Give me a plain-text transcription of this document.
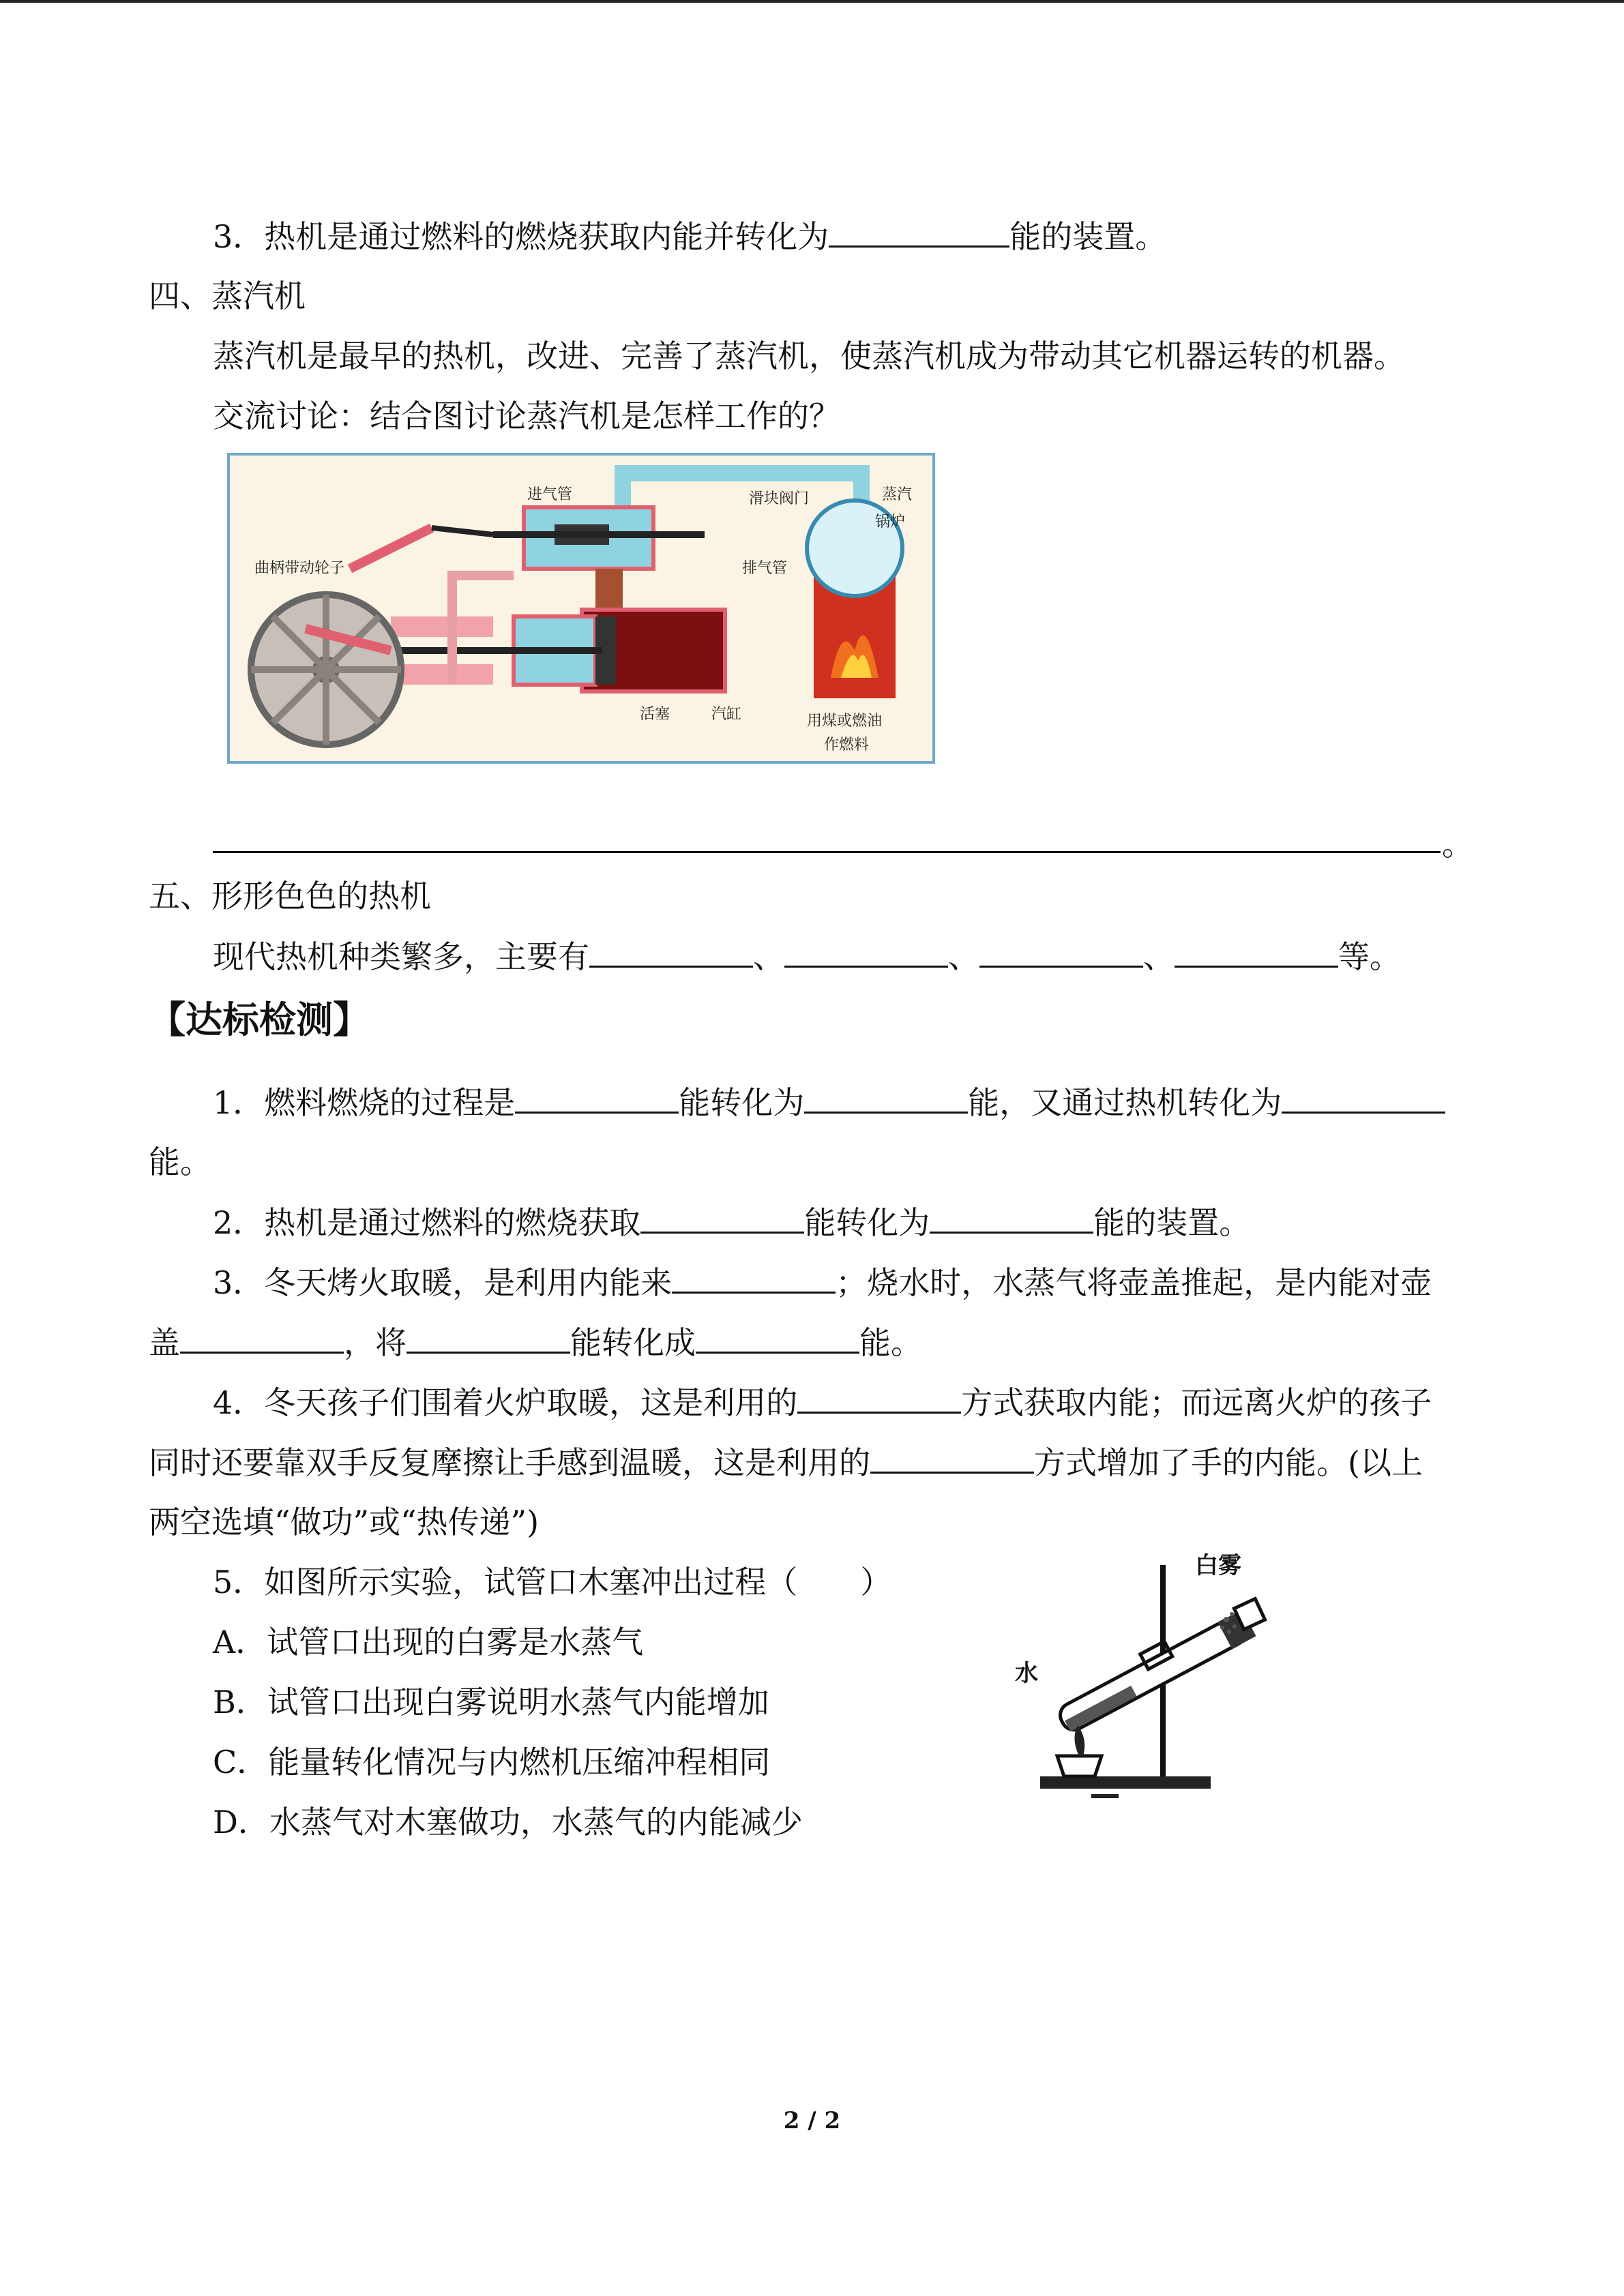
3．热机是通过燃料的燃烧获取内能并转化为	能的装置。
四、蒸汽机
蒸汽机是最早的热机，改进、完善了蒸汽机，使蒸汽机成为带动其它机器运转的机器。
交流讨论：结合图讨论蒸汽机是怎样工作的？
进气管	滑块阀门	蒸汽
锅炉
排气管
曲柄带动轮子
活塞	汽缸	用煤或燃油
作燃料
。
五、形形色色的热机
现代热机种类繁多，主要有	、	、	、	等。
【达标检测】
1．燃料燃烧的过程是	能转化为	能，又通过热机转化为
能。
2．热机是通过燃料的燃烧获取	能转化为	能的装置。
3．冬天烤火取暖，是利用内能来	；烧水时，水蒸气将壶盖推起，是内能对壶
盖	，将	能转化成	能。
4．冬天孩子们围着火炉取暖，这是利用的	方式获取内能；而远离火炉的孩子
同时还要靠双手反复摩擦让手感到温暖，这是利用的	方式增加了手的内能。(以上
两空选填“做功”或“热传递”)
5．如图所示实验，试管口木塞冲出过程（　　）
A．试管口出现的白雾是水蒸气
B．试管口出现白雾说明水蒸气内能增加
C．能量转化情况与内燃机压缩冲程相同
D．水蒸气对木塞做功，水蒸气的内能减少
白雾
水
2 / 2
